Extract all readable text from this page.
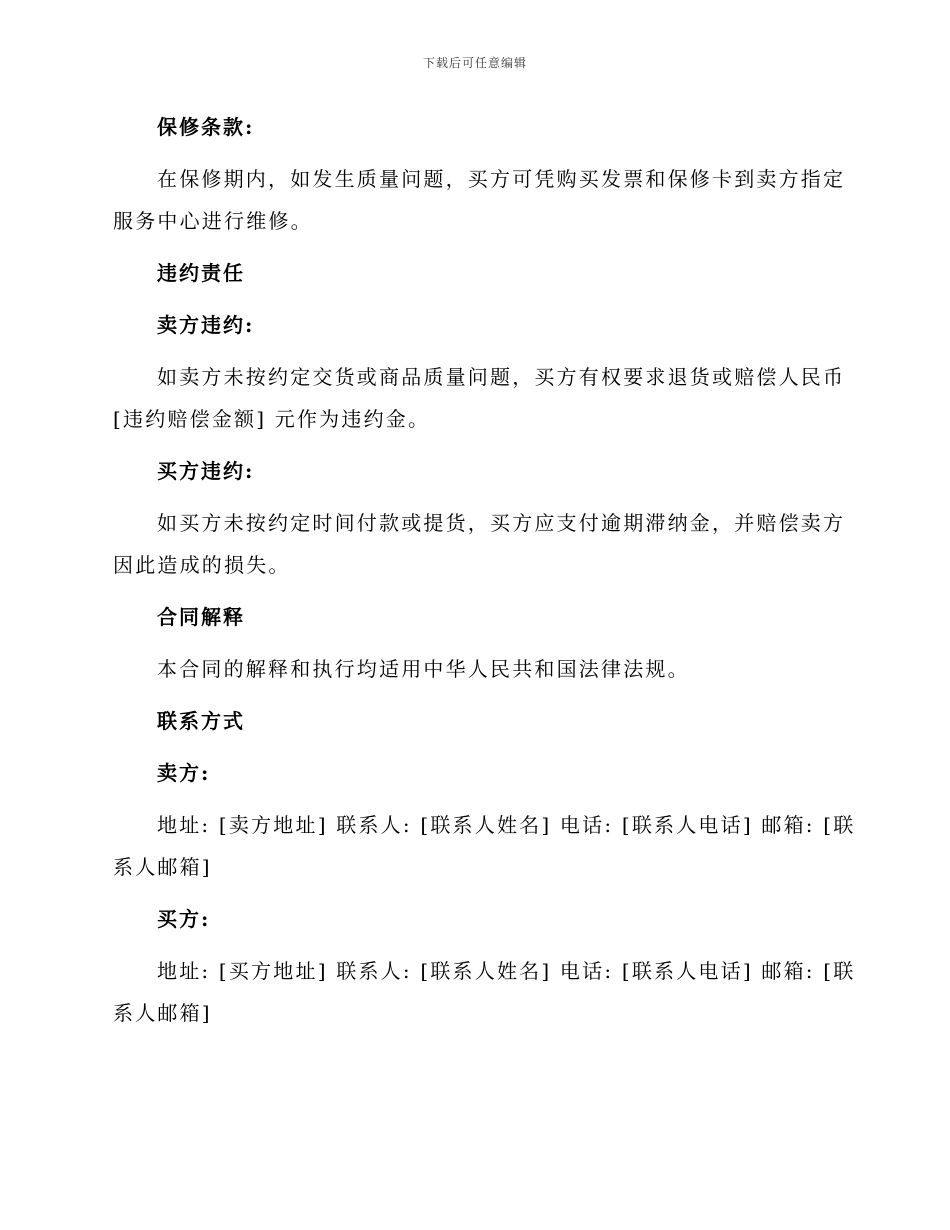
下载后可任意编辑
保修条款:
在保修期内，如发生质量问题，买方可凭购买发票和保修卡到卖方指定
服务中心进行维修。
违约责任
卖方违约:
如卖方未按约定交货或商品质量问题，买方有权要求退货或赔偿人民币
[违约赔偿金额] 元作为违约金。
买方违约:
如买方未按约定时间付款或提货，买方应支付逾期滞纳金，并赔偿卖方
因此造成的损失。
合同解释
本合同的解释和执行均适用中华人民共和国法律法规。
联系方式
卖方:
地址: [卖方地址] 联系人: [联系人姓名] 电话: [联系人电话] 邮箱: [联
系人邮箱]
买方:
地址: [买方地址] 联系人: [联系人姓名] 电话: [联系人电话] 邮箱: [联
系人邮箱]
